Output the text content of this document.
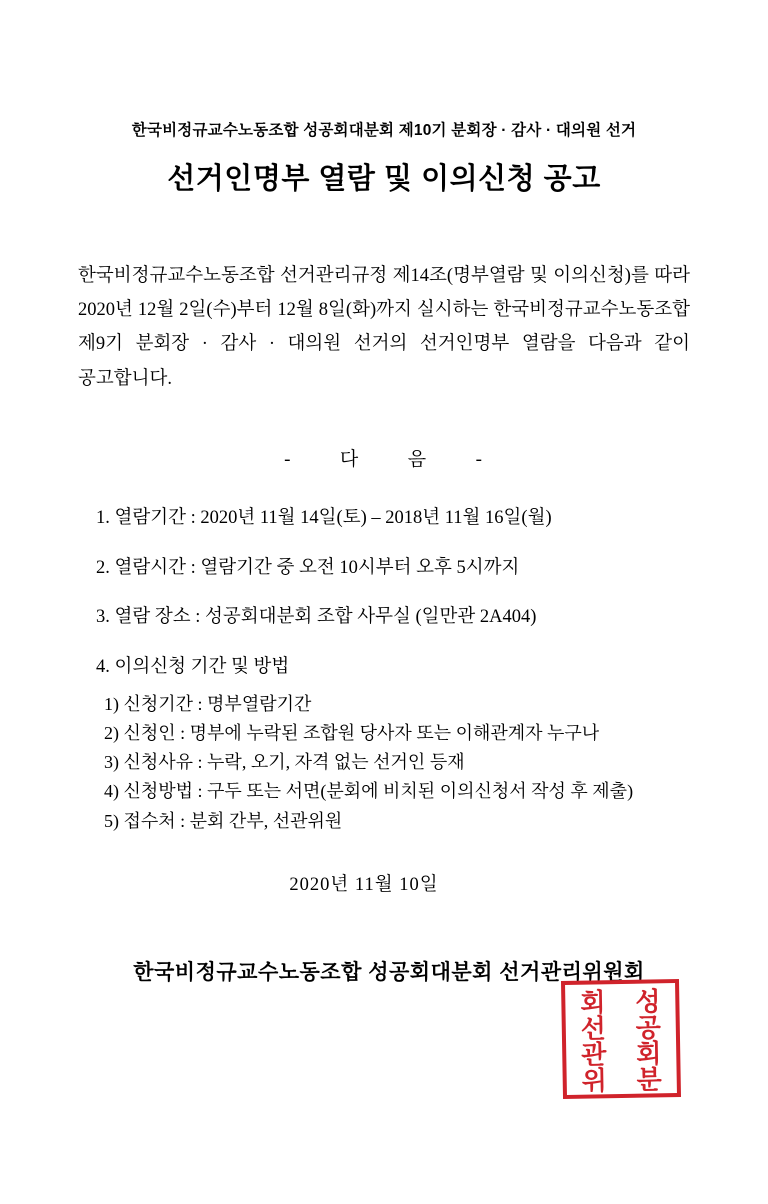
한국비정규교수노동조합 성공회대분회 제10기 분회장 · 감사 · 대의원 선거
선거인명부 열람 및 이의신청 공고

한국비정규교수노동조합 선거관리규정 제14조(명부열람 및 이의신청)를 따라 2020년 12월 2일(수)부터 12월 8일(화)까지 실시하는 한국비정규교수노동조합 제9기 분회장 · 감사 · 대의원 선거의 선거인명부 열람을 다음과 같이 공고합니다.

-	다	음	-
1. 열람기간 : 2020년 11월 14일(토) – 2018년 11월 16일(월)
2. 열람시간 : 열람기간 중 오전 10시부터 오후 5시까지
3. 열람 장소 : 성공회대분회 조합 사무실 (일만관 2A404)
4. 이의신청 기간 및 방법
1) 신청기간 : 명부열람기간
2) 신청인 : 명부에 누락된 조합원 당사자 또는 이해관계자 누구나
3) 신청사유 : 누락, 오기, 자격 없는 선거인 등재
4) 신청방법 : 구두 또는 서면(분회에 비치된 이의신청서 작성 후 제출)
5) 접수처 : 분회 간부, 선관위원
2020년 11월 10일
한국비정규교수노동조합 성공회대분회 선거관리위원회
성
공
회
분
회
선
관
위
